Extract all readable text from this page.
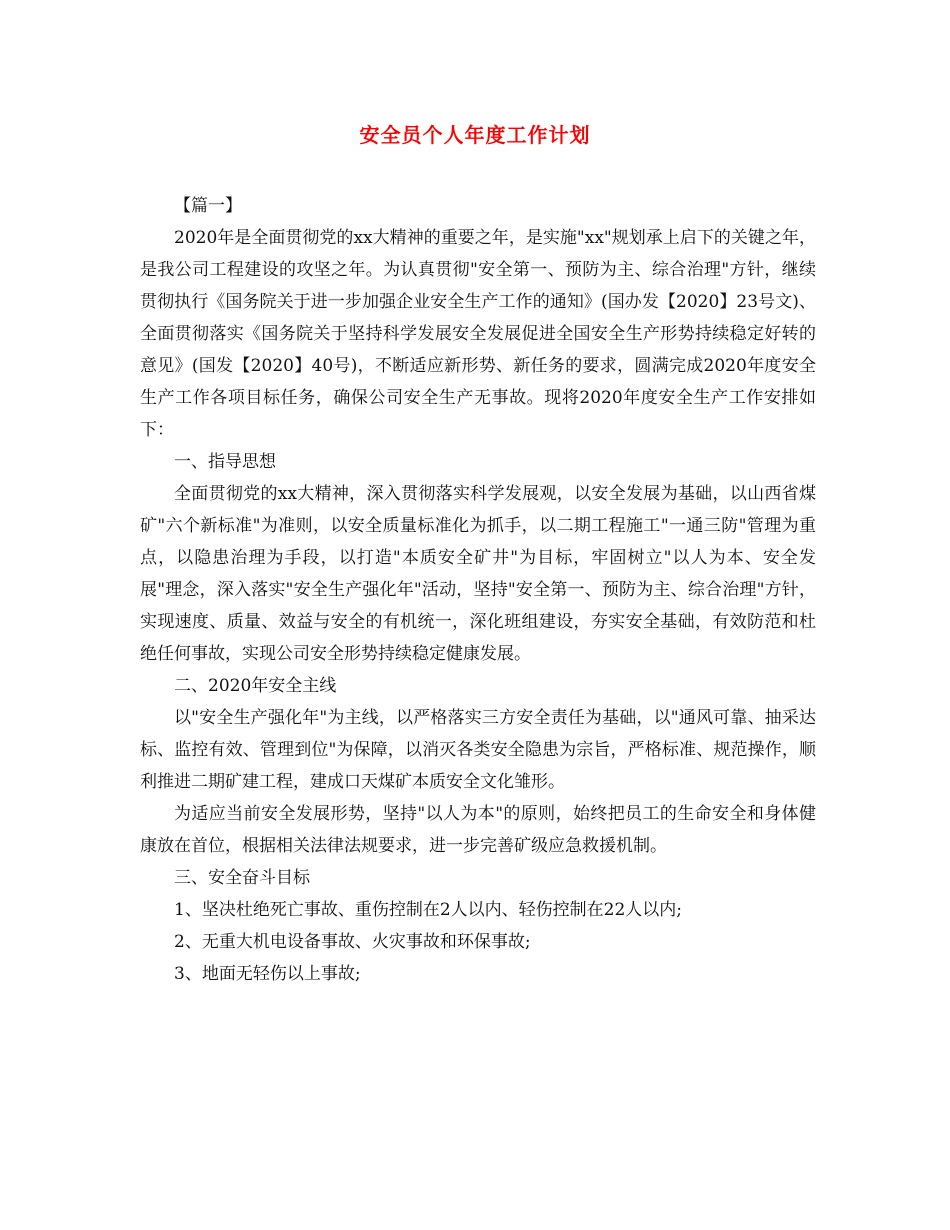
安全员个人年度工作计划

【篇一】

2020年是全面贯彻党的xx大精神的重要之年，是实施"xx"规划承上启下的关键之年，是我公司工程建设的攻坚之年。为认真贯彻"安全第一、预防为主、综合治理"方针，继续贯彻执行《国务院关于进一步加强企业安全生产工作的通知》(国办发【2020】23号文)、全面贯彻落实《国务院关于坚持科学发展安全发展促进全国安全生产形势持续稳定好转的意见》(国发【2020】40号)，不断适应新形势、新任务的要求，圆满完成2020年度安全生产工作各项目标任务，确保公司安全生产无事故。现将2020年度安全生产工作安排如下：

一、指导思想

全面贯彻党的xx大精神，深入贯彻落实科学发展观，以安全发展为基础，以山西省煤矿"六个新标准"为准则，以安全质量标准化为抓手，以二期工程施工"一通三防"管理为重点，以隐患治理为手段，以打造"本质安全矿井"为目标，牢固树立"以人为本、安全发展"理念，深入落实"安全生产强化年"活动，坚持"安全第一、预防为主、综合治理"方针，实现速度、质量、效益与安全的有机统一，深化班组建设，夯实安全基础，有效防范和杜绝任何事故，实现公司安全形势持续稳定健康发展。

二、2020年安全主线

以"安全生产强化年"为主线，以严格落实三方安全责任为基础，以"通风可靠、抽采达标、监控有效、管理到位"为保障，以消灭各类安全隐患为宗旨，严格标准、规范操作，顺利推进二期矿建工程，建成口天煤矿本质安全文化雏形。

为适应当前安全发展形势，坚持"以人为本"的原则，始终把员工的生命安全和身体健康放在首位，根据相关法律法规要求，进一步完善矿级应急救援机制。

三、安全奋斗目标

1、坚决杜绝死亡事故、重伤控制在2人以内、轻伤控制在22人以内;

2、无重大机电设备事故、火灾事故和环保事故;

3、地面无轻伤以上事故;
